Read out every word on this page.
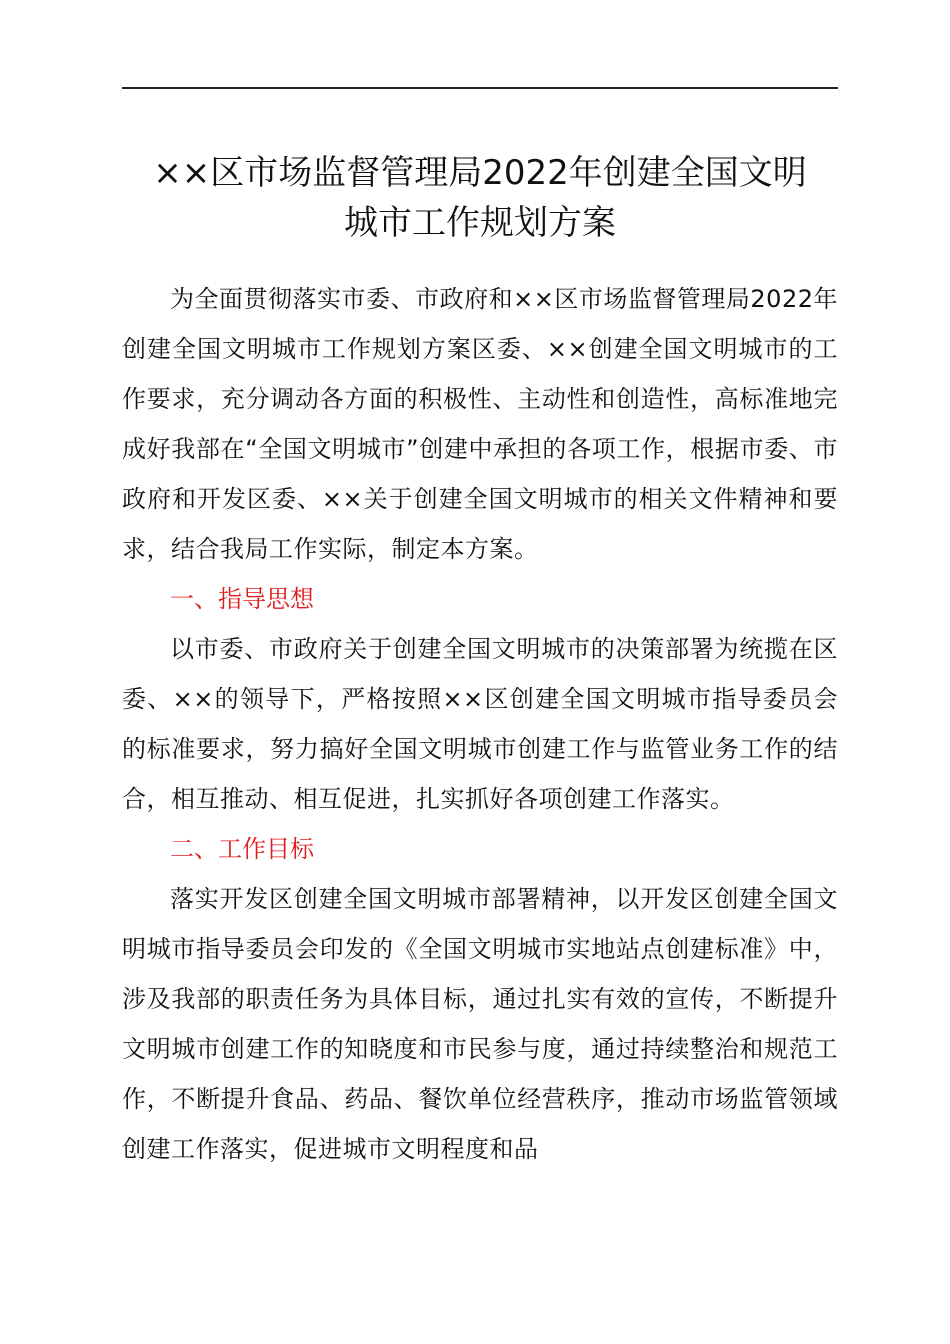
××区市场监督管理局2022年创建全国文明
城市工作规划方案

为全面贯彻落实市委、市政府和××区市场监督管理局2022年创建全国文明城市工作规划方案区委、××创建全国文明城市的工作要求，充分调动各方面的积极性、主动性和创造性，高标准地完成好我部在“全国文明城市”创建中承担的各项工作，根据市委、市政府和开发区委、××关于创建全国文明城市的相关文件精神和要求，结合我局工作实际，制定本方案。

一、指导思想

以市委、市政府关于创建全国文明城市的决策部署为统揽在区委、××的领导下，严格按照××区创建全国文明城市指导委员会的标准要求，努力搞好全国文明城市创建工作与监管业务工作的结合，相互推动、相互促进，扎实抓好各项创建工作落实。

二、工作目标

落实开发区创建全国文明城市部署精神，以开发区创建全国文明城市指导委员会印发的《全国文明城市实地站点创建标准》中，涉及我部的职责任务为具体目标，通过扎实有效的宣传，不断提升文明城市创建工作的知晓度和市民参与度，通过持续整治和规范工作，不断提升食品、药品、餐饮单位经营秩序，推动市场监管领域创建工作落实，促进城市文明程度和品
